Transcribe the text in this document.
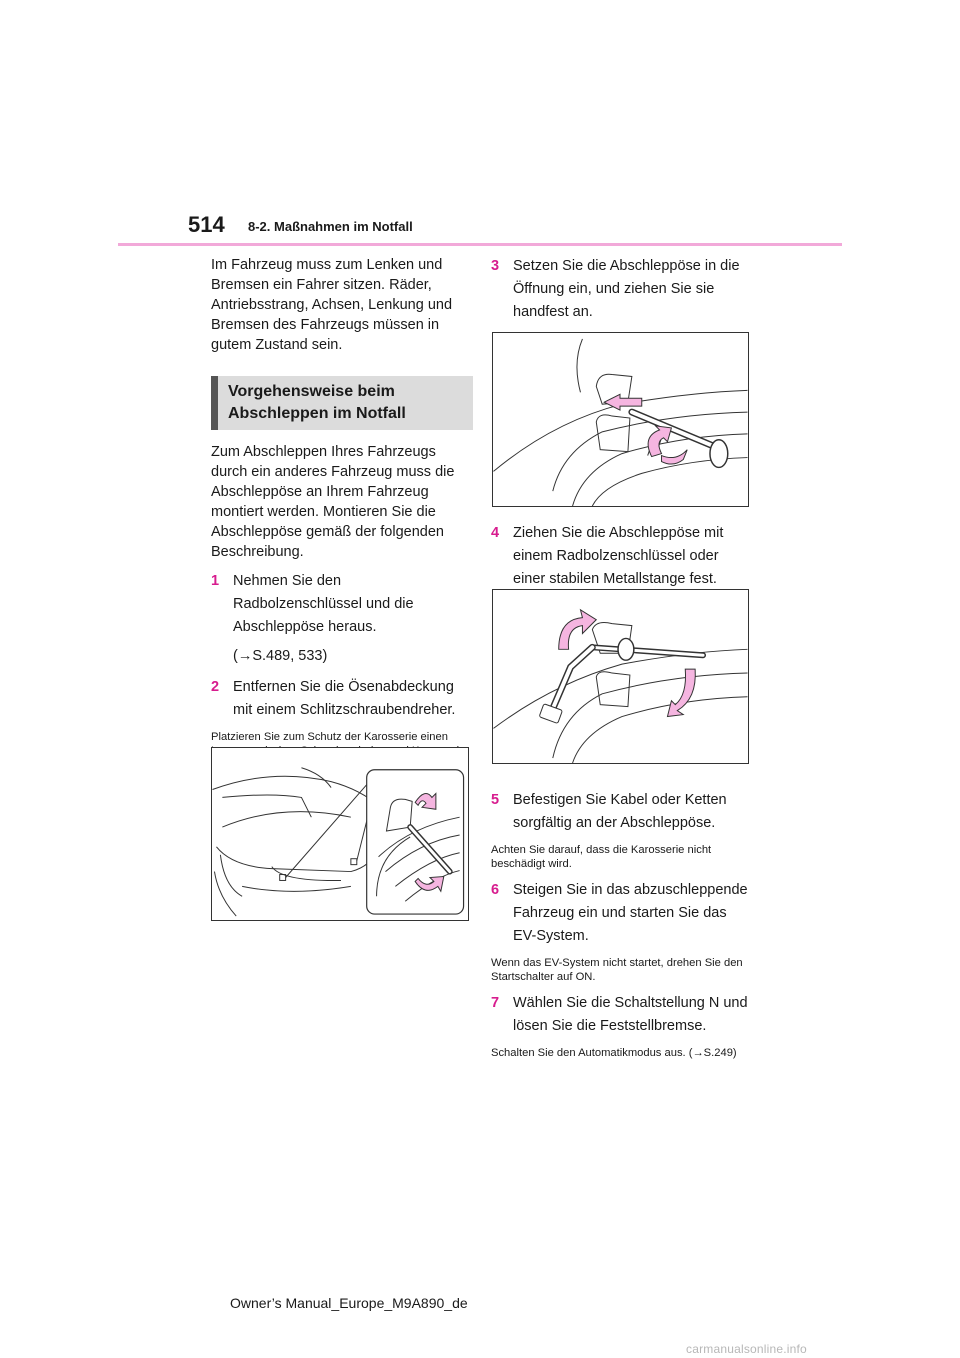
514 8-2. Maßnahmen im Notfall

Im Fahrzeug muss zum Lenken und Bremsen ein Fahrer sitzen. Räder, Antriebsstrang, Achsen, Lenkung und Bremsen des Fahrzeugs müssen in gutem Zustand sein.

Vorgehensweise beim Abschleppen im Notfall

Zum Abschleppen Ihres Fahrzeugs durch ein anderes Fahrzeug muss die Abschleppöse an Ihrem Fahrzeug montiert werden. Montieren Sie die Abschleppöse gemäß der folgenden Beschreibung.

1 Nehmen Sie den Radbolzenschlüssel und die Abschleppöse heraus.
(→S.489, 533)
2 Entfernen Sie die Ösenabdeckung mit einem Schlitzschraubendreher.

Platzieren Sie zum Schutz der Karosserie einen

3 Setzen Sie die Abschleppöse in die Öffnung ein, und ziehen Sie sie handfest an.
4 Ziehen Sie die Abschleppöse mit einem Radbolzenschlüssel oder einer stabilen Metallstange fest.
5 Befestigen Sie Kabel oder Ketten sorgfältig an der Abschleppöse.

Achten Sie darauf, dass die Karosserie nicht beschädigt wird.

6 Steigen Sie in das abzuschleppende Fahrzeug ein und starten Sie das EV-System.

Wenn das EV-System nicht startet, drehen Sie den Startschalter auf ON.

7 Wählen Sie die Schaltstellung N und lösen Sie die Feststellbremse.

Schalten Sie den Automatikmodus aus. (→S.249)

Owner’s Manual_Europe_M9A890_de
carmanualsonline.info
